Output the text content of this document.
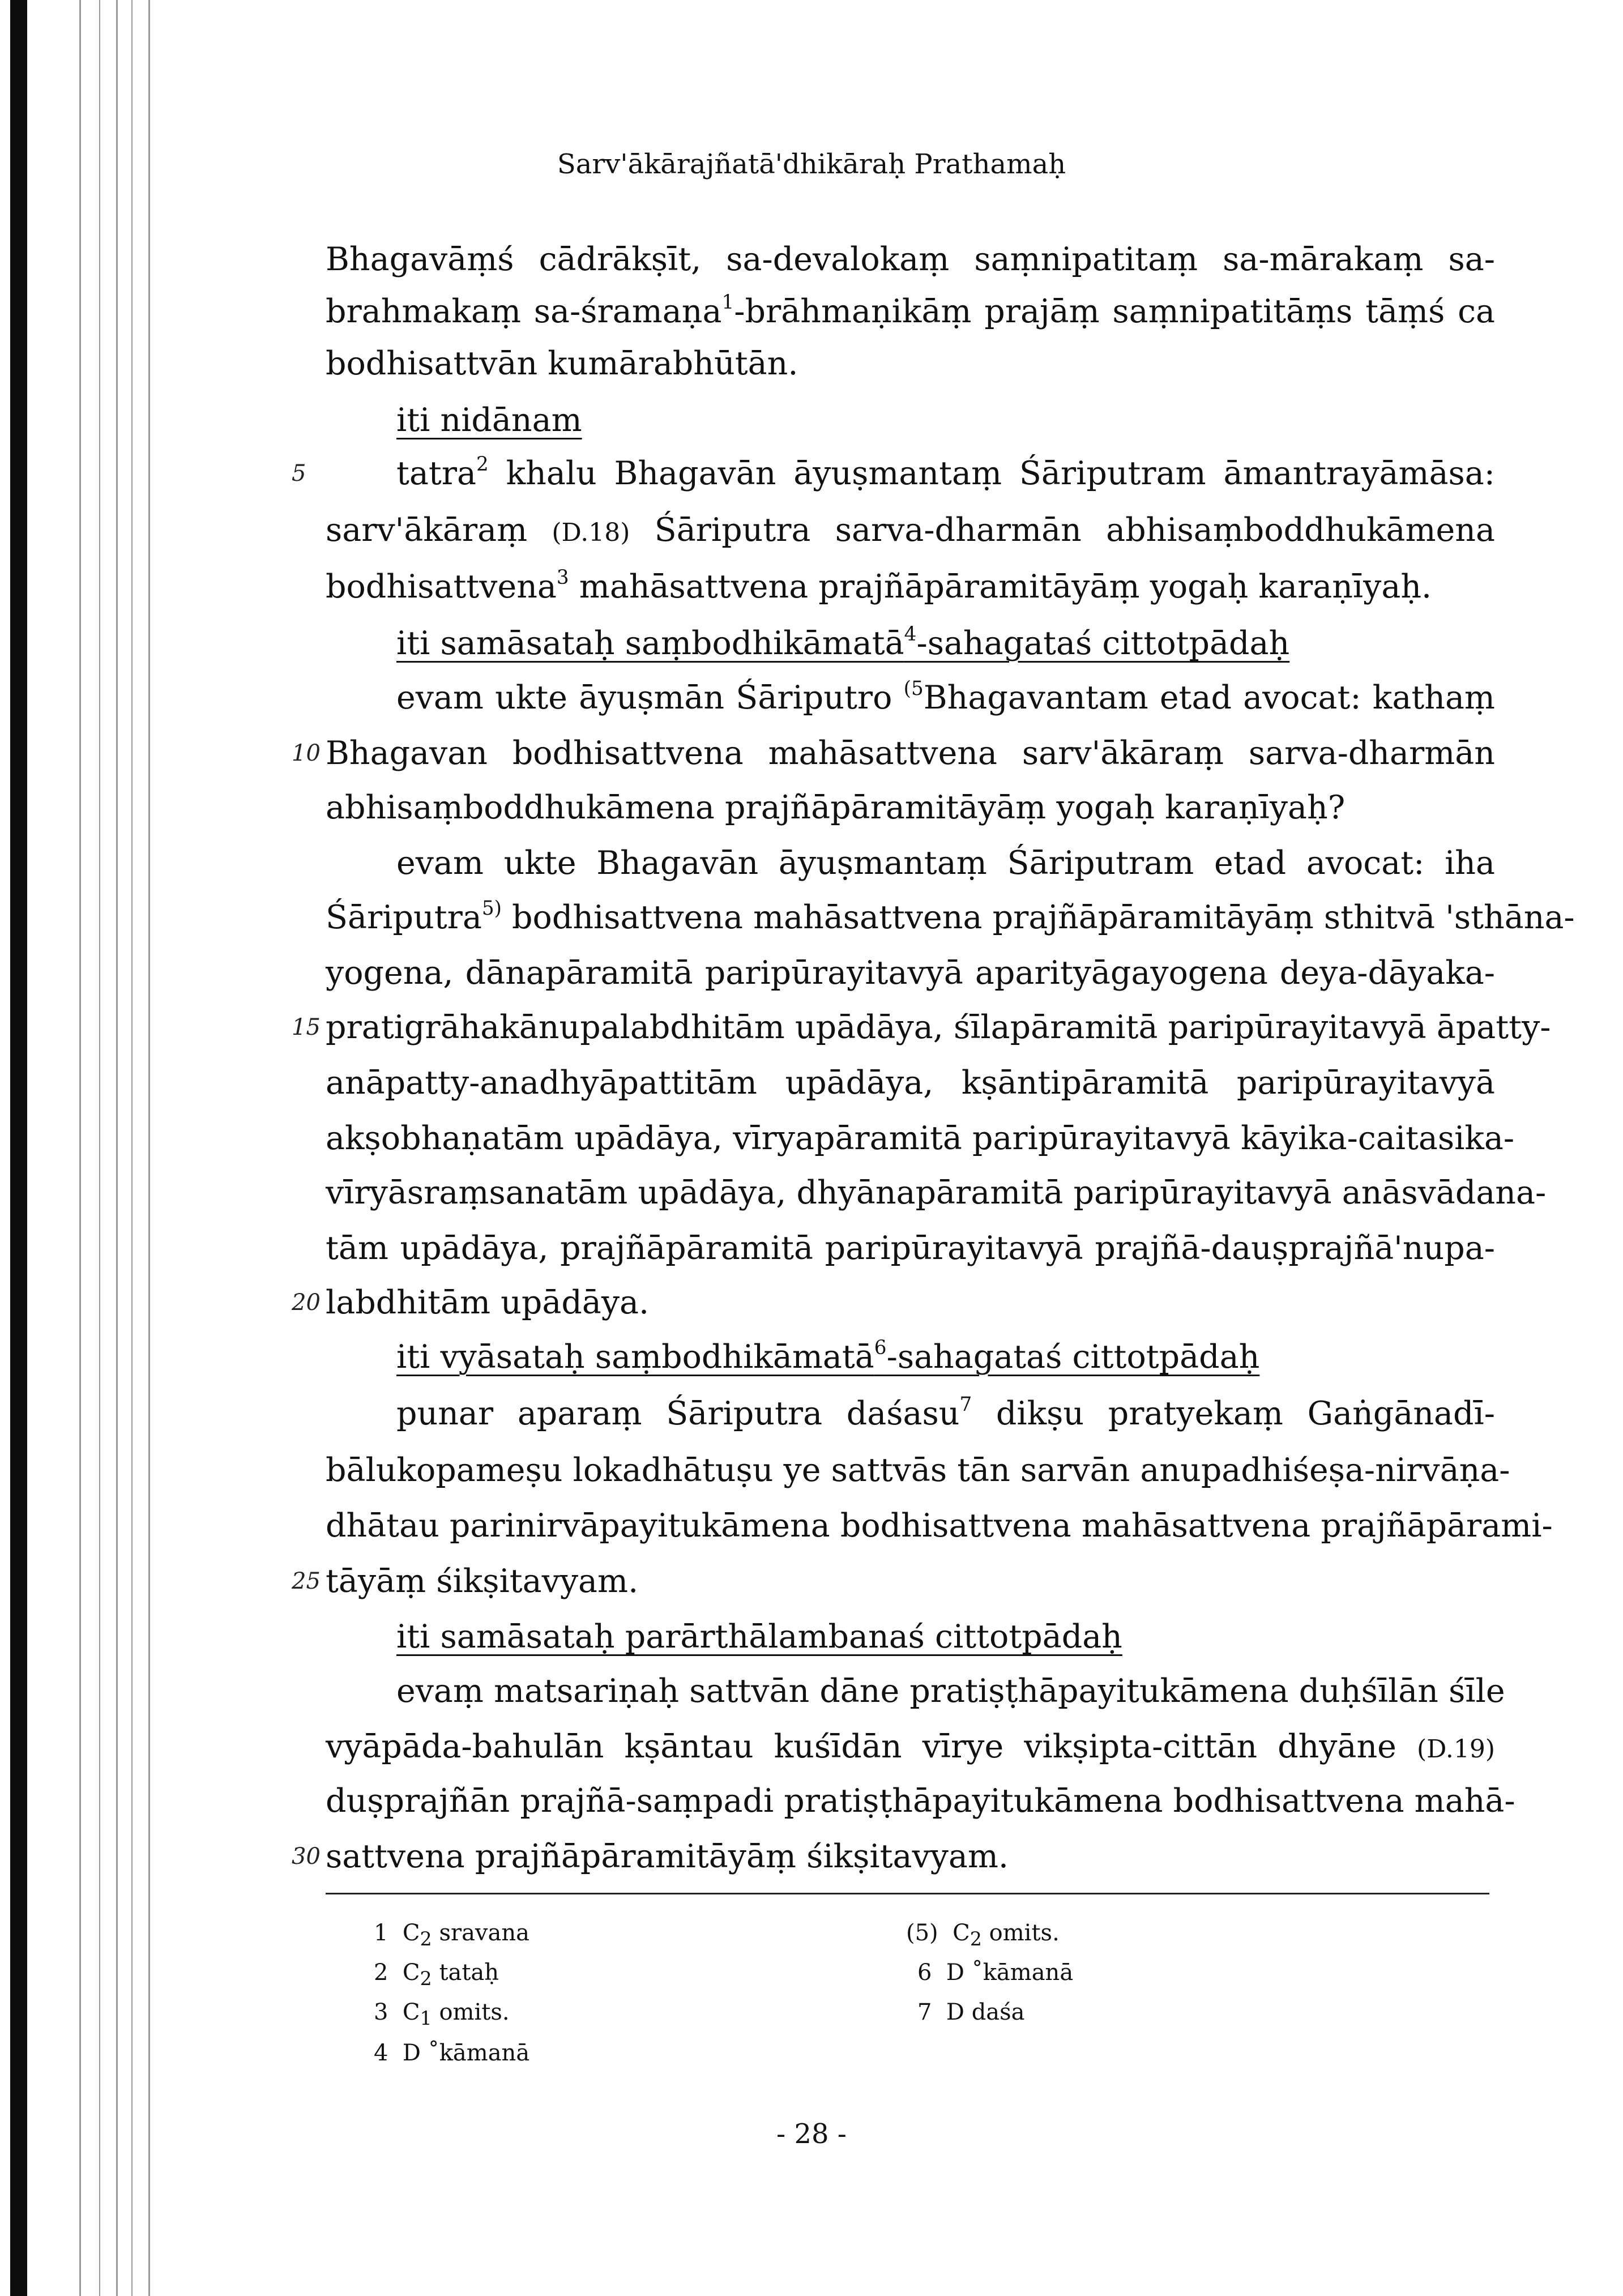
Sarv'ākārajñatā'dhikāraḥ Prathamaḥ
Bhagavāṃś cādrākṣīt, sa-devalokaṃ saṃnipatitaṃ sa-mārakaṃ sa-
brahmakaṃ sa-śramaṇa$^1$-brāhmaṇikāṃ prajāṃ saṃnipatitāṃs tāṃś ca
bodhisattvān kumārabhūtān.
iti nidānam
5	tatra$^2$ khalu Bhagavān āyuṣmantaṃ Śāriputram āmantrayāmāsa:
sarv'ākāraṃ (D.18) Śāriputra sarva-dharmān abhisaṃboddhukāmena
bodhisattvena$^3$ mahāsattvena prajñāpāramitāyāṃ yogaḥ karaṇīyaḥ.
iti samāsataḥ saṃbodhikāmatā$^4$-sahagataś cittotpādaḥ
evam ukte āyuṣmān Śāriputro $^{(5}$Bhagavantam etad avocat: kathaṃ
10 Bhagavan bodhisattvena mahāsattvena sarv'ākāraṃ sarva-dharmān
abhisaṃboddhukāmena prajñāpāramitāyāṃ yogaḥ karaṇīyaḥ?
evam ukte Bhagavān āyuṣmantaṃ Śāriputram etad avocat: iha
Śāriputra$^{5)}$ bodhisattvena mahāsattvena prajñāpāramitāyāṃ sthitvā 'sthāna-
yogena, dānapāramitā paripūrayitavyā aparityāgayogena deya-dāyaka-
15 pratigrāhakānupalabdhitām upādāya, śīlapāramitā paripūrayitavyā āpatty-
anāpatty-anadhyāpattitām upādāya, kṣāntipāramitā paripūrayitavyā
akṣobhaṇatām upādāya, vīryapāramitā paripūrayitavyā kāyika-caitasika-
vīryāsraṃsanatām upādāya, dhyānapāramitā paripūrayitavyā anāsvādana-
tām upādāya, prajñāpāramitā paripūrayitavyā prajñā-dauṣprajñā'nupa-
20 labdhitām upādāya.
iti vyāsataḥ saṃbodhikāmatā$^6$-sahagataś cittotpādaḥ
punar aparaṃ Śāriputra daśasu$^7$ dikṣu pratyekaṃ Gaṅgānadī-
bālukopameṣu lokadhātuṣu ye sattvās tān sarvān anupadhiśeṣa-nirvāṇa-
dhātau parinirvāpayitukāmena bodhisattvena mahāsattvena prajñāpārami-
25 tāyāṃ śikṣitavyam.
iti samāsataḥ parārthālambanaś cittotpādaḥ
evaṃ matsariṇaḥ sattvān dāne pratiṣṭhāpayitukāmena duḥśīlān śīle
vyāpāda-bahulān kṣāntau kuśīdān vīrye vikṣipta-cittān dhyāne (D.19)
duṣprajñān prajñā-saṃpadi pratiṣṭhāpayitukāmena bodhisattvena mahā-
30 sattvena prajñāpāramitāyāṃ śikṣitavyam.
1 $C_2$ sravana
2 $C_2$ tataḥ
3 $C_1$ omits.
4 D ˚kāmanā
(5) $C_2$ omits.
6 D ˚kāmanā
7 D daśa
- 28 -
